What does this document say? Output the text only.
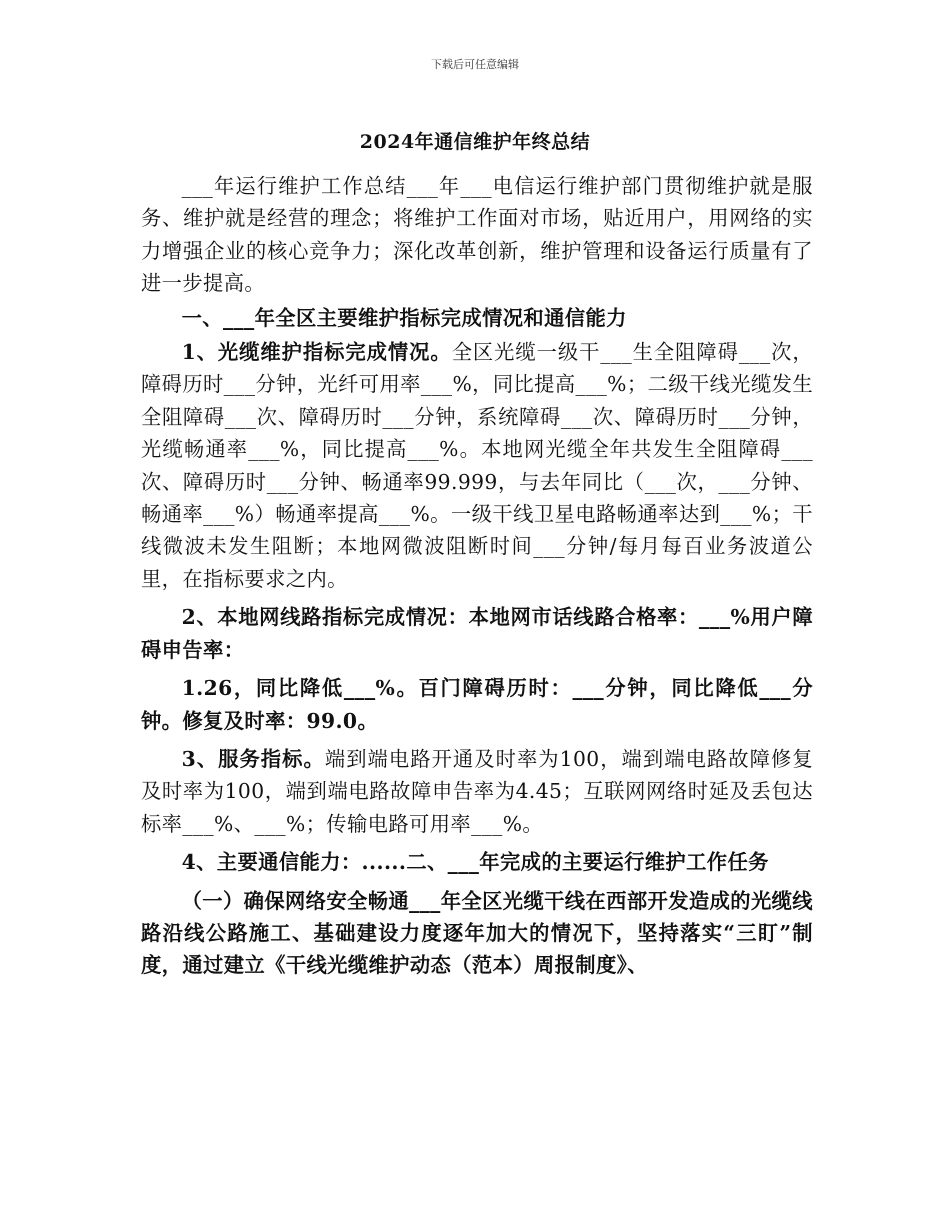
下载后可任意编辑
2024年通信维护年终总结

___年运行维护工作总结___年___电信运行维护部门贯彻维护就是服务、维护就是经营的理念；将维护工作面对市场，贴近用户，用网络的实力增强企业的核心竞争力；深化改革创新，维护管理和设备运行质量有了进一步提高。

一、___年全区主要维护指标完成情况和通信能力

1、光缆维护指标完成情况。全区光缆一级干___生全阻障碍___次，障碍历时___分钟，光纤可用率___%，同比提高___%；二级干线光缆发生全阻障碍___次、障碍历时___分钟，系统障碍___次、障碍历时___分钟，光缆畅通率___%，同比提高___%。本地网光缆全年共发生全阻障碍___次、障碍历时___分钟、畅通率99.999，与去年同比（___次，___分钟、畅通率___%）畅通率提高___%。一级干线卫星电路畅通率达到___%；干线微波未发生阻断；本地网微波阻断时间___分钟/每月每百业务波道公里，在指标要求之内。

2、本地网线路指标完成情况：本地网市话线路合格率：___%用户障碍申告率：

1.26，同比降低___%。百门障碍历时：___分钟，同比降低___分钟。修复及时率：99.0。

3、服务指标。端到端电路开通及时率为100，端到端电路故障修复及时率为100，端到端电路故障申告率为4.45；互联网网络时延及丢包达标率___%、___%；传输电路可用率___%。

4、主要通信能力：......二、___年完成的主要运行维护工作任务

（一）确保网络安全畅通___年全区光缆干线在西部开发造成的光缆线路沿线公路施工、基础建设力度逐年加大的情况下，坚持落实“三盯”制度，通过建立《干线光缆维护动态（范本）周报制度》、
